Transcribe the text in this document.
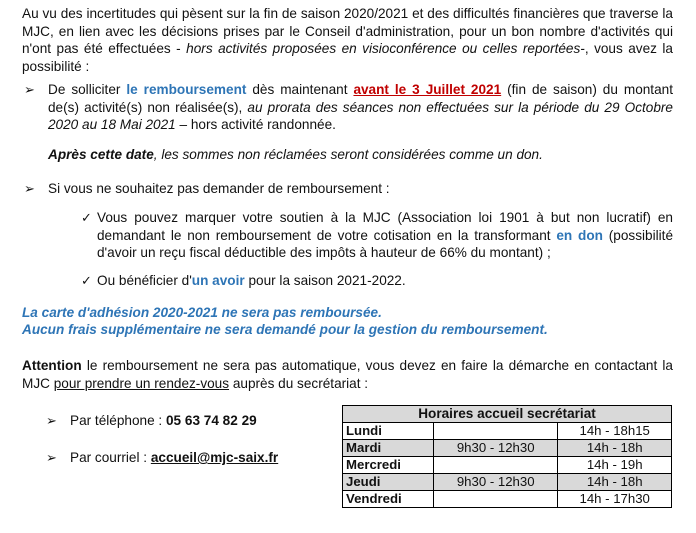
Au vu des incertitudes qui pèsent sur la fin de saison 2020/2021 et des difficultés financières que traverse la MJC, en lien avec les décisions prises par le Conseil d'administration, pour un bon nombre d'activités qui n'ont pas été effectuées - hors activités proposées en visioconférence ou celles reportées-, vous avez la possibilité :
➢ De solliciter le remboursement dès maintenant avant le 3 Juillet 2021 (fin de saison) du montant de(s) activité(s) non réalisée(s), au prorata des séances non effectuées sur la période du 29 Octobre 2020 au 18 Mai 2021 – hors activité randonnée.
Après cette date, les sommes non réclamées seront considérées comme un don.
➢ Si vous ne souhaitez pas demander de remboursement :
✓ Vous pouvez marquer votre soutien à la MJC (Association loi 1901 à but non lucratif) en demandant le non remboursement de votre cotisation en la transformant en don (possibilité d'avoir un reçu fiscal déductible des impôts à hauteur de 66% du montant) ;
✓ Ou bénéficier d'un avoir pour la saison 2021-2022.
La carte d'adhésion 2020-2021 ne sera pas remboursée.
Aucun frais supplémentaire ne sera demandé pour la gestion du remboursement.
Attention le remboursement ne sera pas automatique, vous devez en faire la démarche en contactant la MJC pour prendre un rendez-vous auprès du secrétariat :
➢ Par téléphone : 05 63 74 82 29
➢ Par courriel : accueil@mjc-saix.fr
Horaires accueil secrétariat		
Lundi		14h - 18h15
Mardi	9h30 - 12h30	14h - 18h
Mercredi		14h - 19h
Jeudi	9h30 - 12h30	14h - 18h
Vendredi		14h - 17h30
